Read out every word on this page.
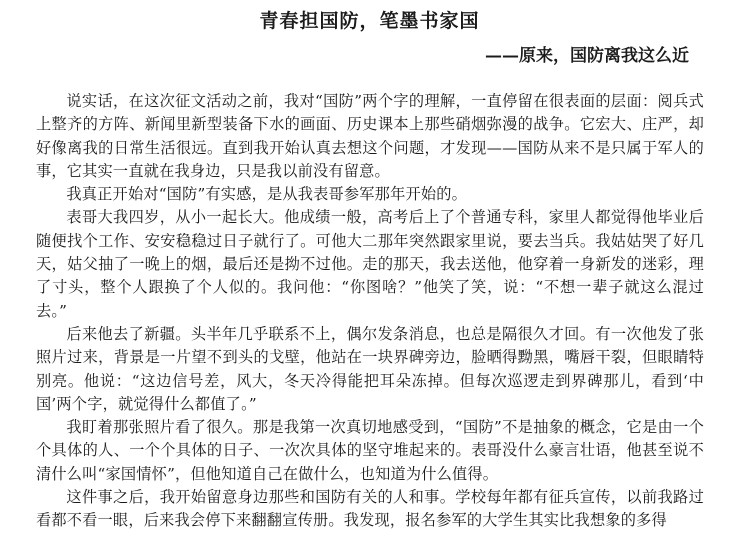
青春担国防，笔墨书家国
——原来，国防离我这么近

说实话，在这次征文活动之前，我对“国防”两个字的理解，一直停留在很表面的层面：阅兵式上整齐的方阵、新闻里新型装备下水的画面、历史课本上那些硝烟弥漫的战争。它宏大、庄严，却好像离我的日常生活很远。直到我开始认真去想这个问题，才发现——国防从来不是只属于军人的事，它其实一直就在我身边，只是我以前没有留意。

我真正开始对“国防”有实感，是从我表哥参军那年开始的。

表哥大我四岁，从小一起长大。他成绩一般，高考后上了个普通专科，家里人都觉得他毕业后随便找个工作、安安稳稳过日子就行了。可他大二那年突然跟家里说，要去当兵。我姑姑哭了好几天，姑父抽了一晚上的烟，最后还是拗不过他。走的那天，我去送他，他穿着一身新发的迷彩，理了寸头，整个人跟换了个人似的。我问他：“你图啥？”他笑了笑，说：“不想一辈子就这么混过去。”

后来他去了新疆。头半年几乎联系不上，偶尔发条消息，也总是隔很久才回。有一次他发了张照片过来，背景是一片望不到头的戈壁，他站在一块界碑旁边，脸晒得黝黑，嘴唇干裂，但眼睛特别亮。他说：“这边信号差，风大，冬天冷得能把耳朵冻掉。但每次巡逻走到界碑那儿，看到‘中国’两个字，就觉得什么都值了。”

我盯着那张照片看了很久。那是我第一次真切地感受到，“国防”不是抽象的概念，它是由一个个具体的人、一个个具体的日子、一次次具体的坚守堆起来的。表哥没什么豪言壮语，他甚至说不清什么叫“家国情怀”，但他知道自己在做什么，也知道为什么值得。

这件事之后，我开始留意身边那些和国防有关的人和事。学校每年都有征兵宣传，以前我路过看都不看一眼，后来我会停下来翻翻宣传册。我发现，报名参军的大学生其实比我想象的多得
